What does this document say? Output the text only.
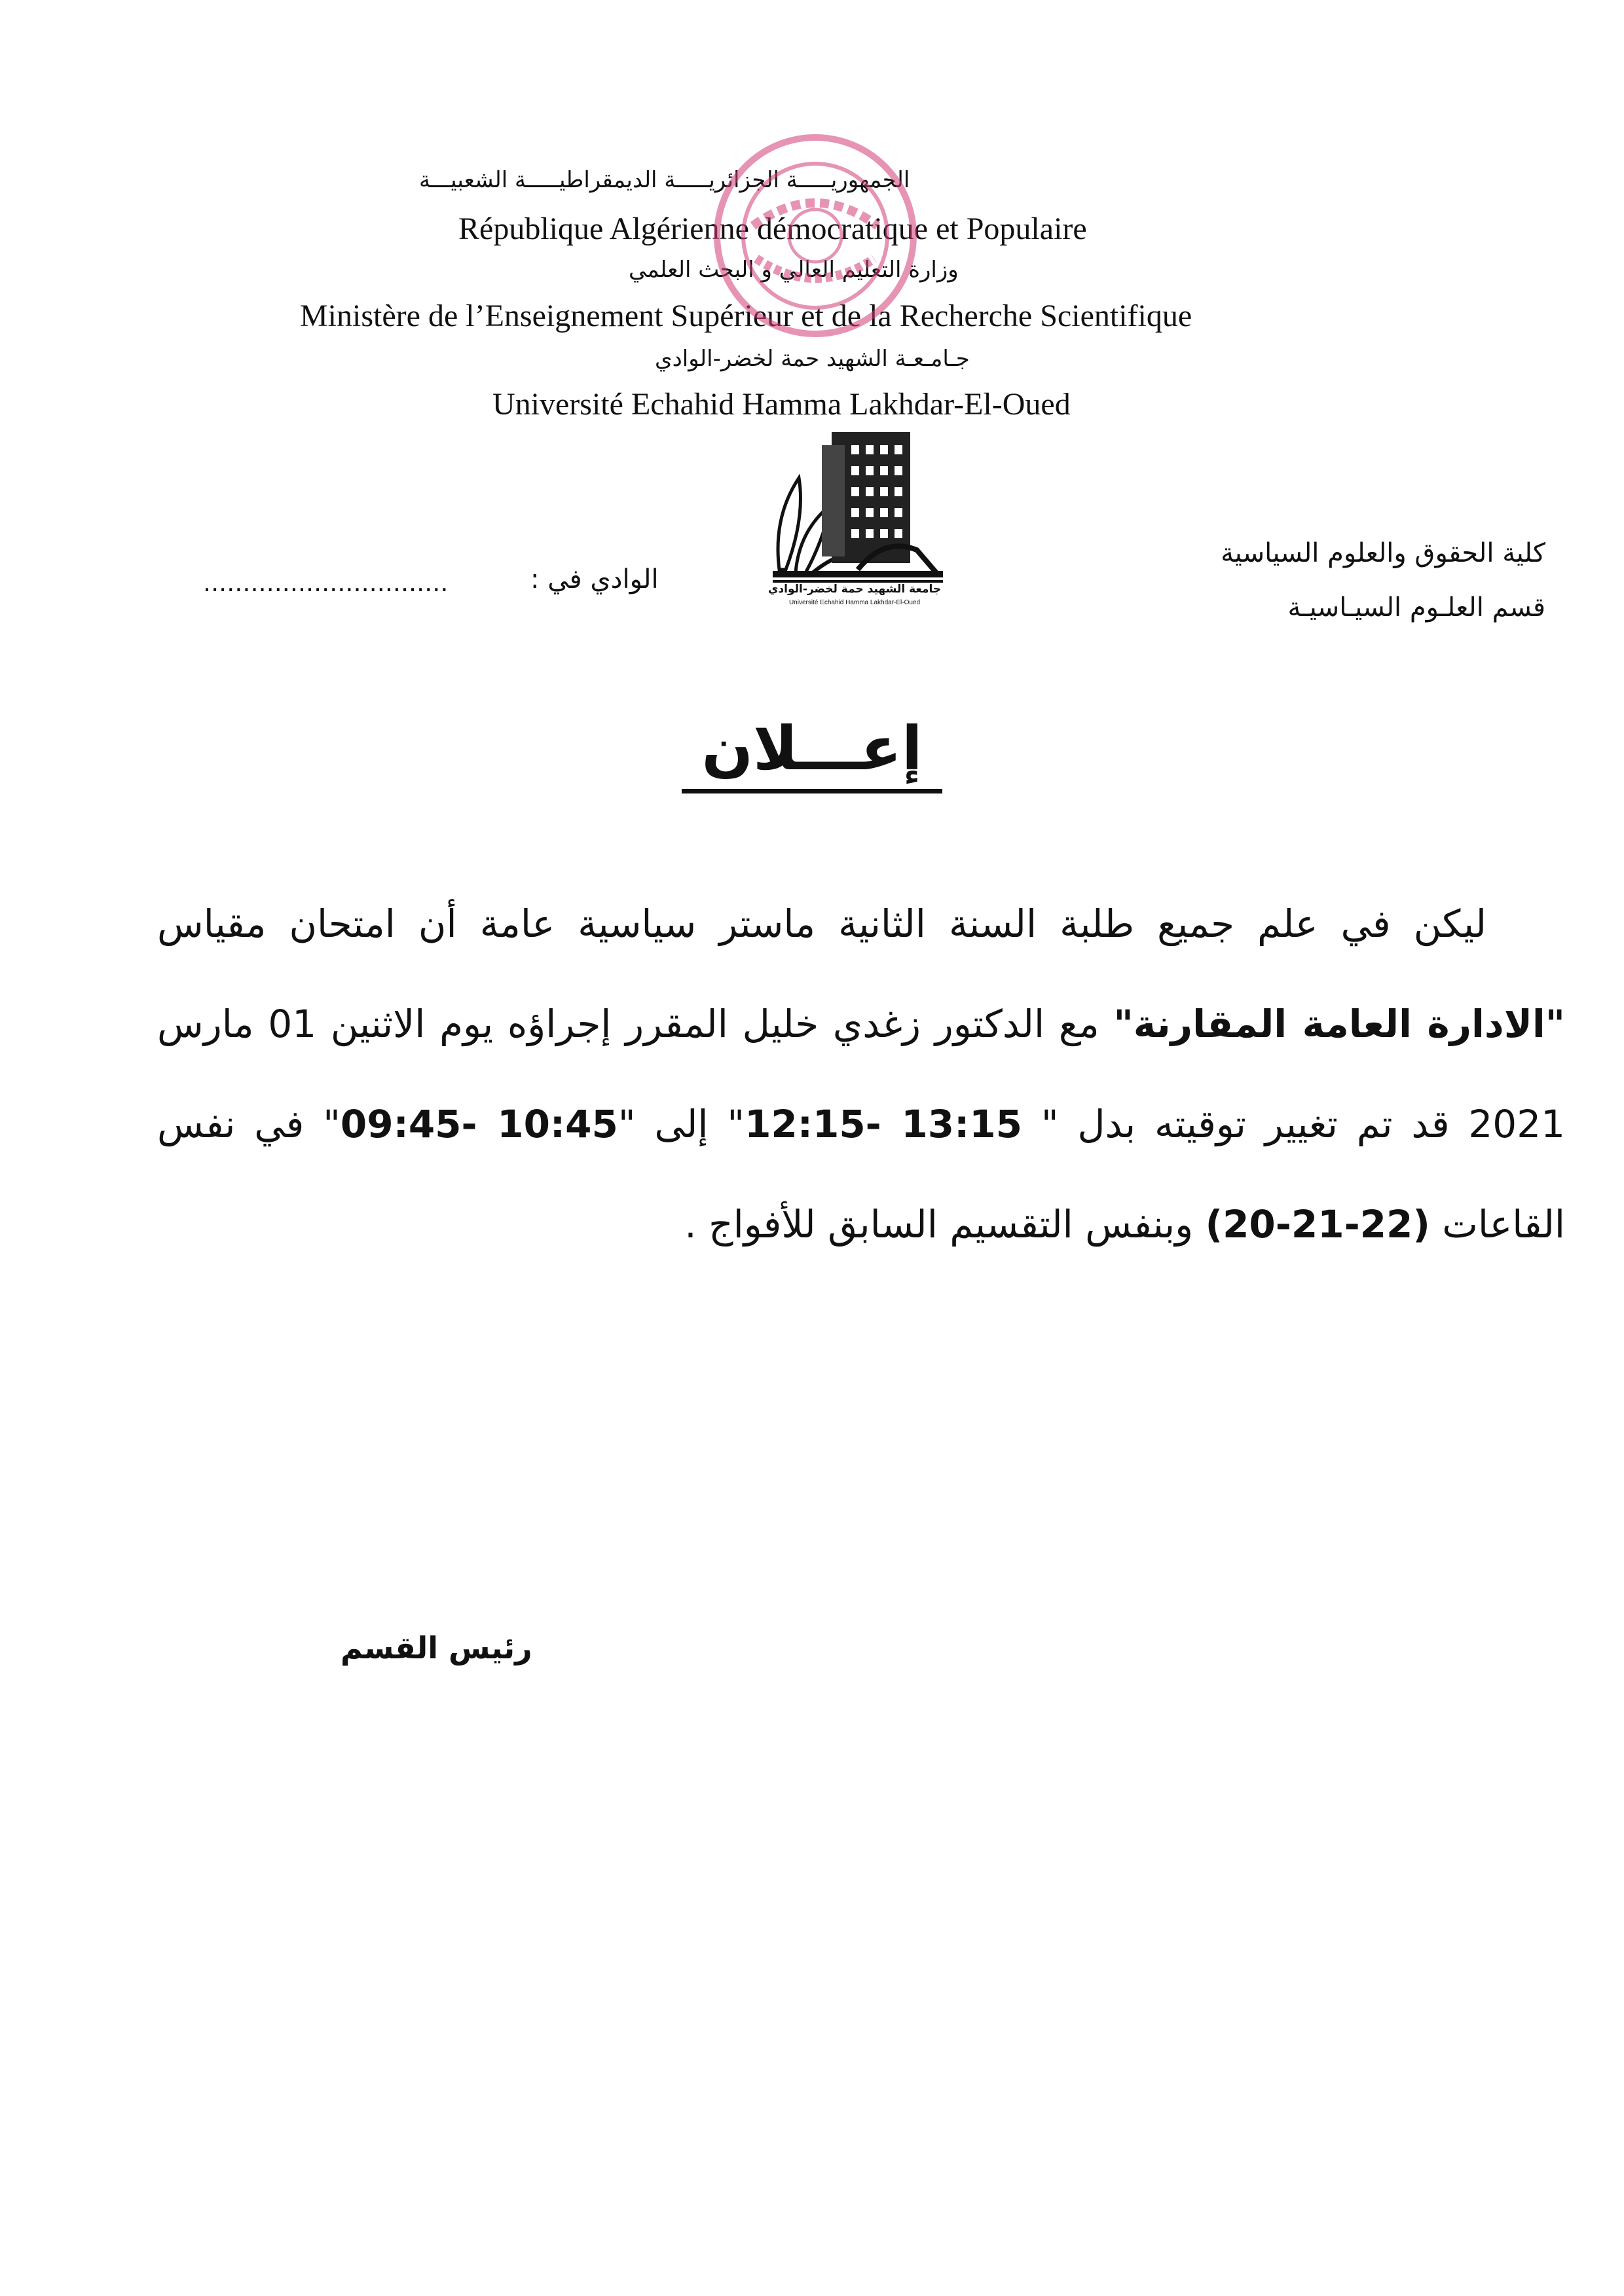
الجمهوريـــــة الجزائريـــــة الديمقراطيـــــة الشعبيـــة
République Algérienne démocratique et Populaire
وزارة التعليم العالي و البحث العلمي
Ministère de l’Enseignement Supérieur et de la Recherche Scientifique
جـامـعـة الشهيد حمة لخضر-الوادي
Université Echahid Hamma Lakhdar-El-Oued
جامعة الشهيد حمة لخضر-الوادي
Université Echahid Hamma Lakhdar-El-Oued
كلية الحقوق والعلوم السياسية
قسم العلـوم السيـاسيـة
الوادي في :
...............................
إعـــلان
ليكن في علم جميع طلبة السنة الثانية ماستر سياسية عامة أن امتحان مقياس "الادارة العامة المقارنة" مع الدكتور زغدي خليل المقرر إجراؤه يوم الاثنين 01 مارس 2021 قد تم تغيير توقيته بدل " 12:15- 13:15" إلى "09:45- 10:45" في نفس القاعات (20-21-22) وبنفس التقسيم السابق للأفواج .
رئيس القسم
